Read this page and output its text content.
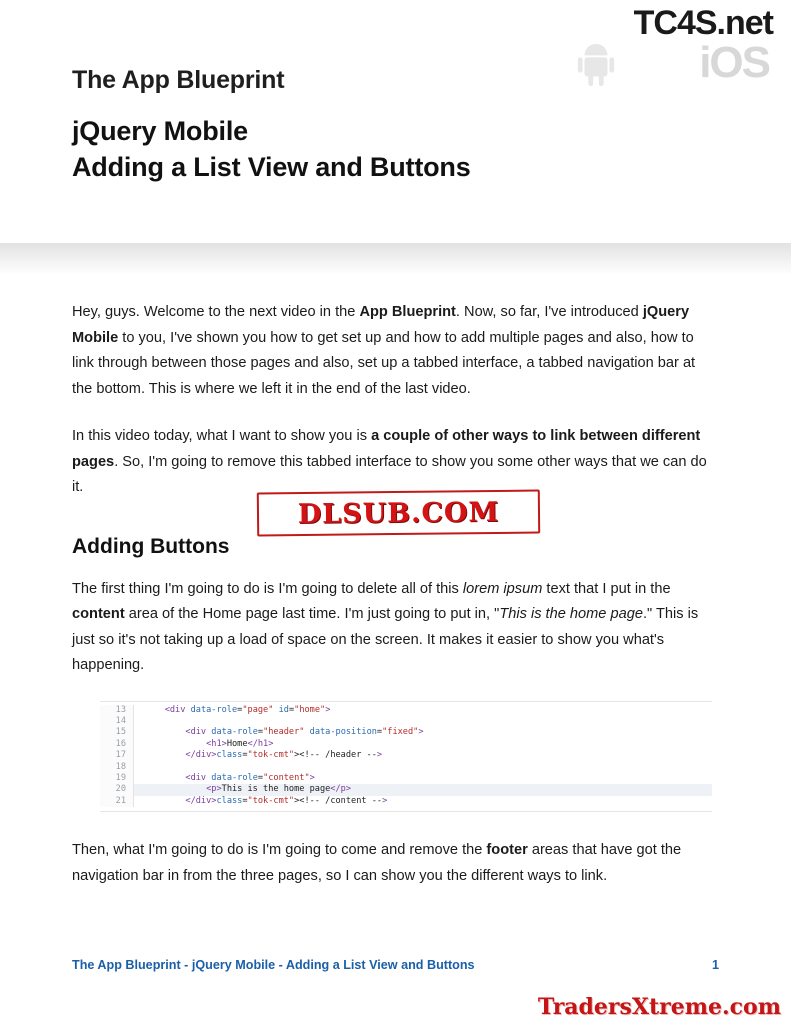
TC4S.net
iOS
The App Blueprint
jQuery Mobile
Adding a List View and Buttons

Hey, guys. Welcome to the next video in the App Blueprint. Now, so far, I've introduced jQuery Mobile to you, I've shown you how to get set up and how to add multiple pages and also, how to link through between those pages and also, set up a tabbed interface, a tabbed navigation bar at the bottom. This is where we left it in the end of the last video.

In this video today, what I want to show you is a couple of other ways to link between different pages. So, I'm going to remove this tabbed interface to show you some other ways that we can do it.

Adding Buttons

The first thing I'm going to do is I'm going to delete all of this lorem ipsum text that I put in the content area of the Home page last time. I'm just going to put in, "This is the home page." This is just so it's not taking up a load of space on the screen. It makes it easier to show you what's happening.

13	<div data-role="page" id="home">
14

15	<div data-role="header" data-position="fixed">
16	<h1>Home</h1>
17	</div>class="tok-cmt"><!-- /header -->
18

19	<div data-role="content">
20	<p>This is the home page</p>
21	</div>class="tok-cmt"><!-- /content -->

Then, what I'm going to do is I'm going to come and remove the footer areas that have got the navigation bar in from the three pages, so I can show you the different ways to link.

DLSUB.COM
The App Blueprint - jQuery Mobile - Adding a List View and Buttons	1
TradersXtreme.com
